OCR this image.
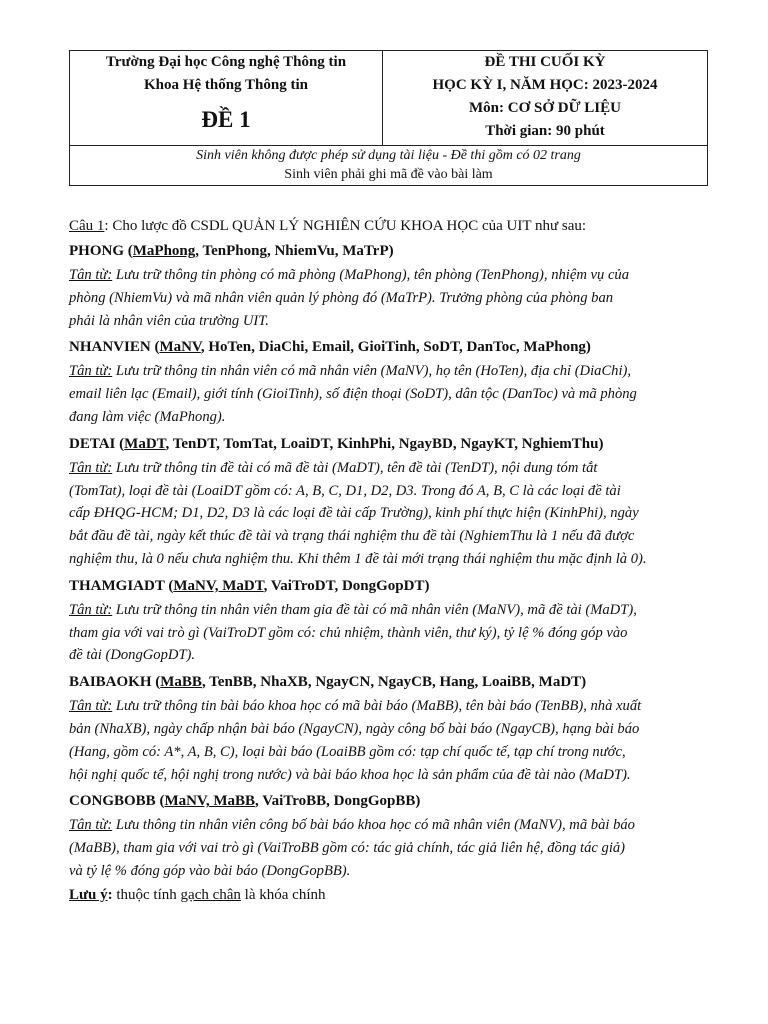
Trường Đại học Công nghệ Thông tin
Khoa Hệ thống Thông tin
ĐỀ 1
ĐỀ THI CUỐI KỲ
HỌC KỲ I, NĂM HỌC: 2023-2024
Môn: CƠ SỞ DỮ LIỆU
Thời gian: 90 phút
Sinh viên không được phép sử dụng tài liệu - Đề thi gồm có 02 trang
Sinh viên phải ghi mã đề vào bài làm
Câu 1: Cho lược đồ CSDL QUẢN LÝ NGHIÊN CỨU KHOA HỌC của UIT như sau:
PHONG (MaPhong, TenPhong, NhiemVu, MaTrP)
Tân từ: Lưu trữ thông tin phòng có mã phòng (MaPhong), tên phòng (TenPhong), nhiệm vụ của
phòng (NhiemVu) và mã nhân viên quản lý phòng đó (MaTrP). Trưởng phòng của phòng ban
phải là nhân viên của trường UIT.
NHANVIEN (MaNV, HoTen, DiaChi, Email, GioiTinh, SoDT, DanToc, MaPhong)
Tân từ: Lưu trữ thông tin nhân viên có mã nhân viên (MaNV), họ tên (HoTen), địa chỉ (DiaChi),
email liên lạc (Email), giới tính (GioiTinh), số điện thoại (SoDT), dân tộc (DanToc) và mã phòng
đang làm việc (MaPhong).
DETAI (MaDT, TenDT, TomTat, LoaiDT, KinhPhi, NgayBD, NgayKT, NghiemThu)
Tân từ: Lưu trữ thông tin đề tài có mã đề tài (MaDT), tên đề tài (TenDT), nội dung tóm tắt
(TomTat), loại đề tài (LoaiDT gồm có: A, B, C, D1, D2, D3. Trong đó A, B, C là các loại đề tài
cấp ĐHQG-HCM; D1, D2, D3 là các loại đề tài cấp Trường), kinh phí thực hiện (KinhPhi), ngày
bắt đầu đề tài, ngày kết thúc đề tài và trạng thái nghiệm thu đề tài (NghiemThu là 1 nếu đã được
nghiệm thu, là 0 nếu chưa nghiệm thu. Khi thêm 1 đề tài mới trạng thái nghiệm thu mặc định là 0).
THAMGIADT (MaNV, MaDT, VaiTroDT, DongGopDT)
Tân từ: Lưu trữ thông tin nhân viên tham gia đề tài có mã nhân viên (MaNV), mã đề tài (MaDT),
tham gia với vai trò gì (VaiTroDT gồm có: chủ nhiệm, thành viên, thư ký), tỷ lệ % đóng góp vào
đề tài (DongGopDT).
BAIBAOKH (MaBB, TenBB, NhaXB, NgayCN, NgayCB, Hang, LoaiBB, MaDT)
Tân từ: Lưu trữ thông tin bài báo khoa học có mã bài báo (MaBB), tên bài báo (TenBB), nhà xuất
bản (NhaXB), ngày chấp nhận bài báo (NgayCN), ngày công bố bài báo (NgayCB), hạng bài báo
(Hang, gồm có: A*, A, B, C), loại bài báo (LoaiBB gồm có: tạp chí quốc tế, tạp chí trong nước,
hội nghị quốc tế, hội nghị trong nước) và bài báo khoa học là sản phẩm của đề tài nào (MaDT).
CONGBOBB (MaNV, MaBB, VaiTroBB, DongGopBB)
Tân từ: Lưu thông tin nhân viên công bố bài báo khoa học có mã nhân viên (MaNV), mã bài báo
(MaBB), tham gia với vai trò gì (VaiTroBB gồm có: tác giả chính, tác giả liên hệ, đồng tác giả)
và tỷ lệ % đóng góp vào bài báo (DongGopBB).
Lưu ý: thuộc tính gạch chân là khóa chính
